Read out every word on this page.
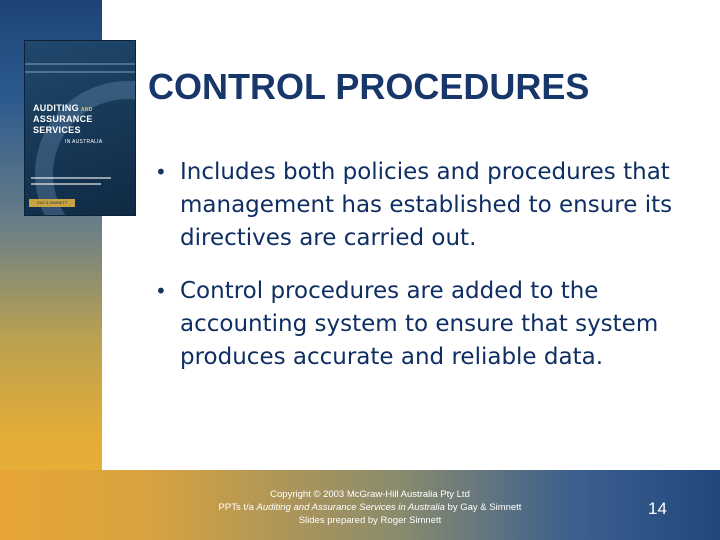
AUDITING AND
ASSURANCE
SERVICES
IN AUSTRALIA
GAY & SIMNETT
CONTROL PROCEDURES
• Includes both policies and procedures that management has established to ensure its directives are carried out.
• Control procedures are added to the accounting system to ensure that system produces accurate and reliable data.
Copyright © 2003 McGraw-Hill Australia Pty Ltd
PPTs t/a Auditing and Assurance Services in Australia by Gay & Simnett
Slides prepared by Roger Simnett
14
